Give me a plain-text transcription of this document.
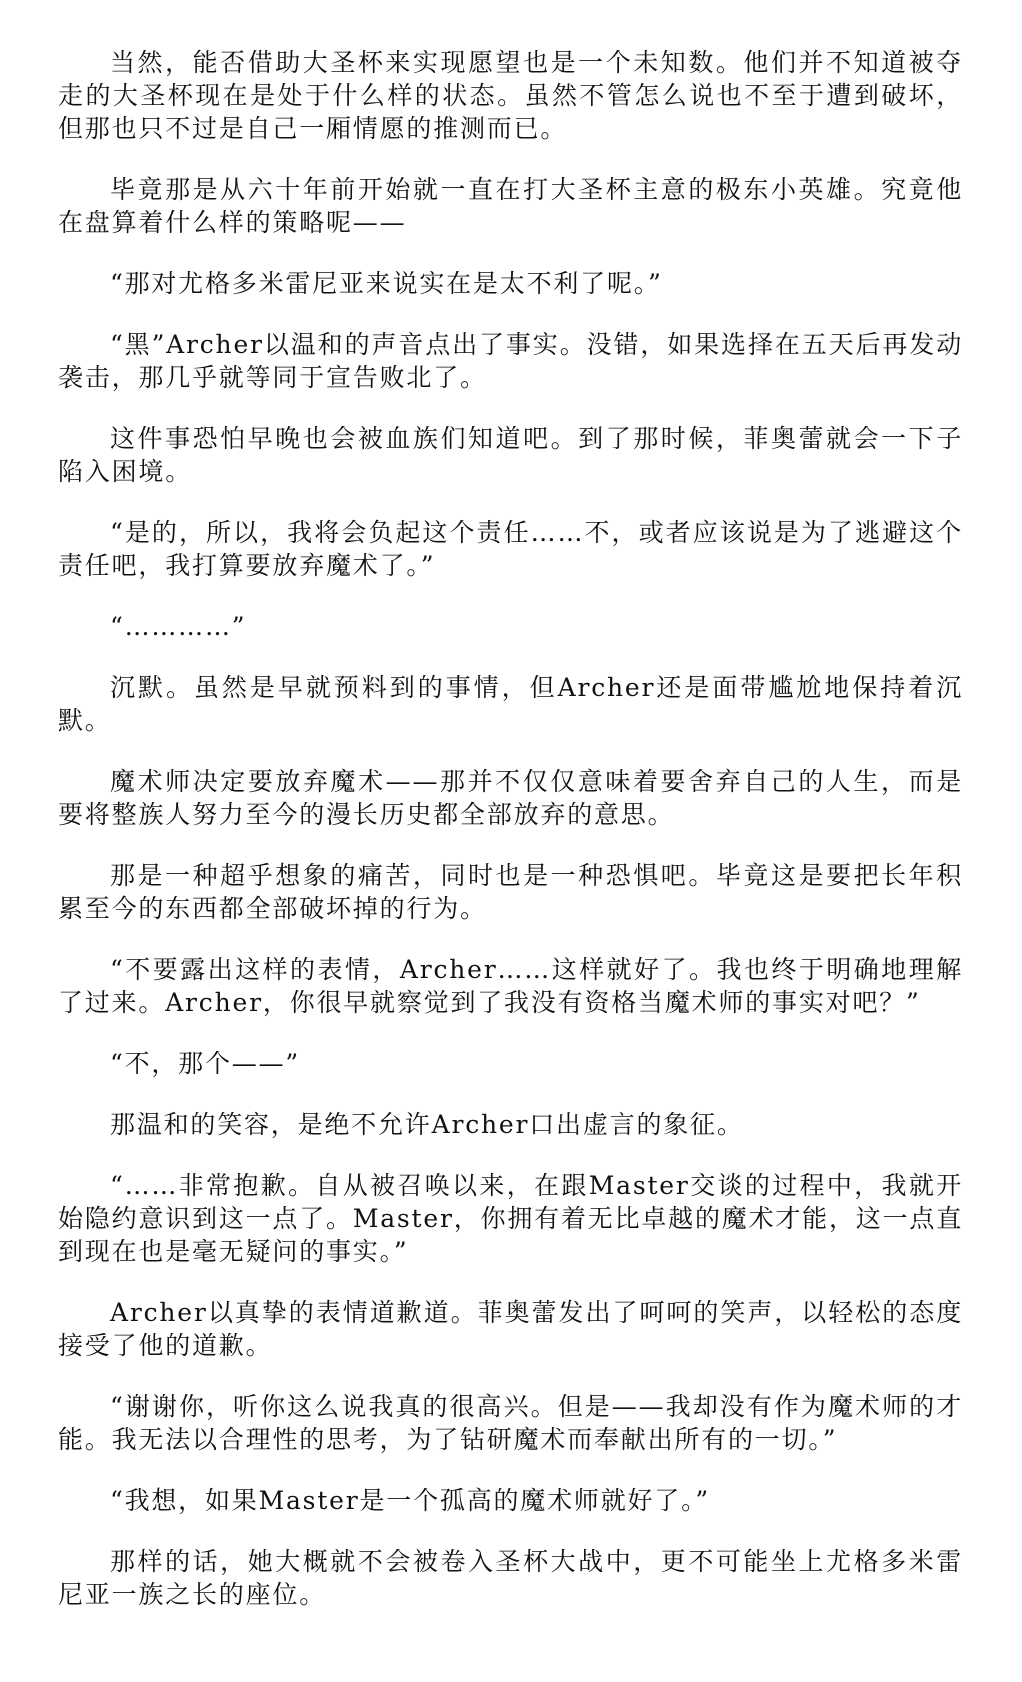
当然，能否借助大圣杯来实现愿望也是一个未知数。他们并不知道被夺走的大圣杯现在是处于什么样的状态。虽然不管怎么说也不至于遭到破坏，但那也只不过是自己一厢情愿的推测而已。

毕竟那是从六十年前开始就一直在打大圣杯主意的极东小英雄。究竟他在盘算着什么样的策略呢——

“那对尤格多米雷尼亚来说实在是太不利了呢。”

“黑”Archer以温和的声音点出了事实。没错，如果选择在五天后再发动袭击，那几乎就等同于宣告败北了。

这件事恐怕早晚也会被血族们知道吧。到了那时候，菲奥蕾就会一下子陷入困境。

“是的，所以，我将会负起这个责任……不，或者应该说是为了逃避这个责任吧，我打算要放弃魔术了。”

“…………”

沉默。虽然是早就预料到的事情，但Archer还是面带尴尬地保持着沉默。

魔术师决定要放弃魔术——那并不仅仅意味着要舍弃自己的人生，而是要将整族人努力至今的漫长历史都全部放弃的意思。

那是一种超乎想象的痛苦，同时也是一种恐惧吧。毕竟这是要把长年积累至今的东西都全部破坏掉的行为。

“不要露出这样的表情，Archer……这样就好了。我也终于明确地理解了过来。Archer，你很早就察觉到了我没有资格当魔术师的事实对吧？”

“不，那个——”

那温和的笑容，是绝不允许Archer口出虚言的象征。

“……非常抱歉。自从被召唤以来，在跟Master交谈的过程中，我就开始隐约意识到这一点了。Master，你拥有着无比卓越的魔术才能，这一点直到现在也是毫无疑问的事实。”

Archer以真挚的表情道歉道。菲奥蕾发出了呵呵的笑声，以轻松的态度接受了他的道歉。

“谢谢你，听你这么说我真的很高兴。但是——我却没有作为魔术师的才能。我无法以合理性的思考，为了钻研魔术而奉献出所有的一切。”

“我想，如果Master是一个孤高的魔术师就好了。”

那样的话，她大概就不会被卷入圣杯大战中，更不可能坐上尤格多米雷尼亚一族之长的座位。
